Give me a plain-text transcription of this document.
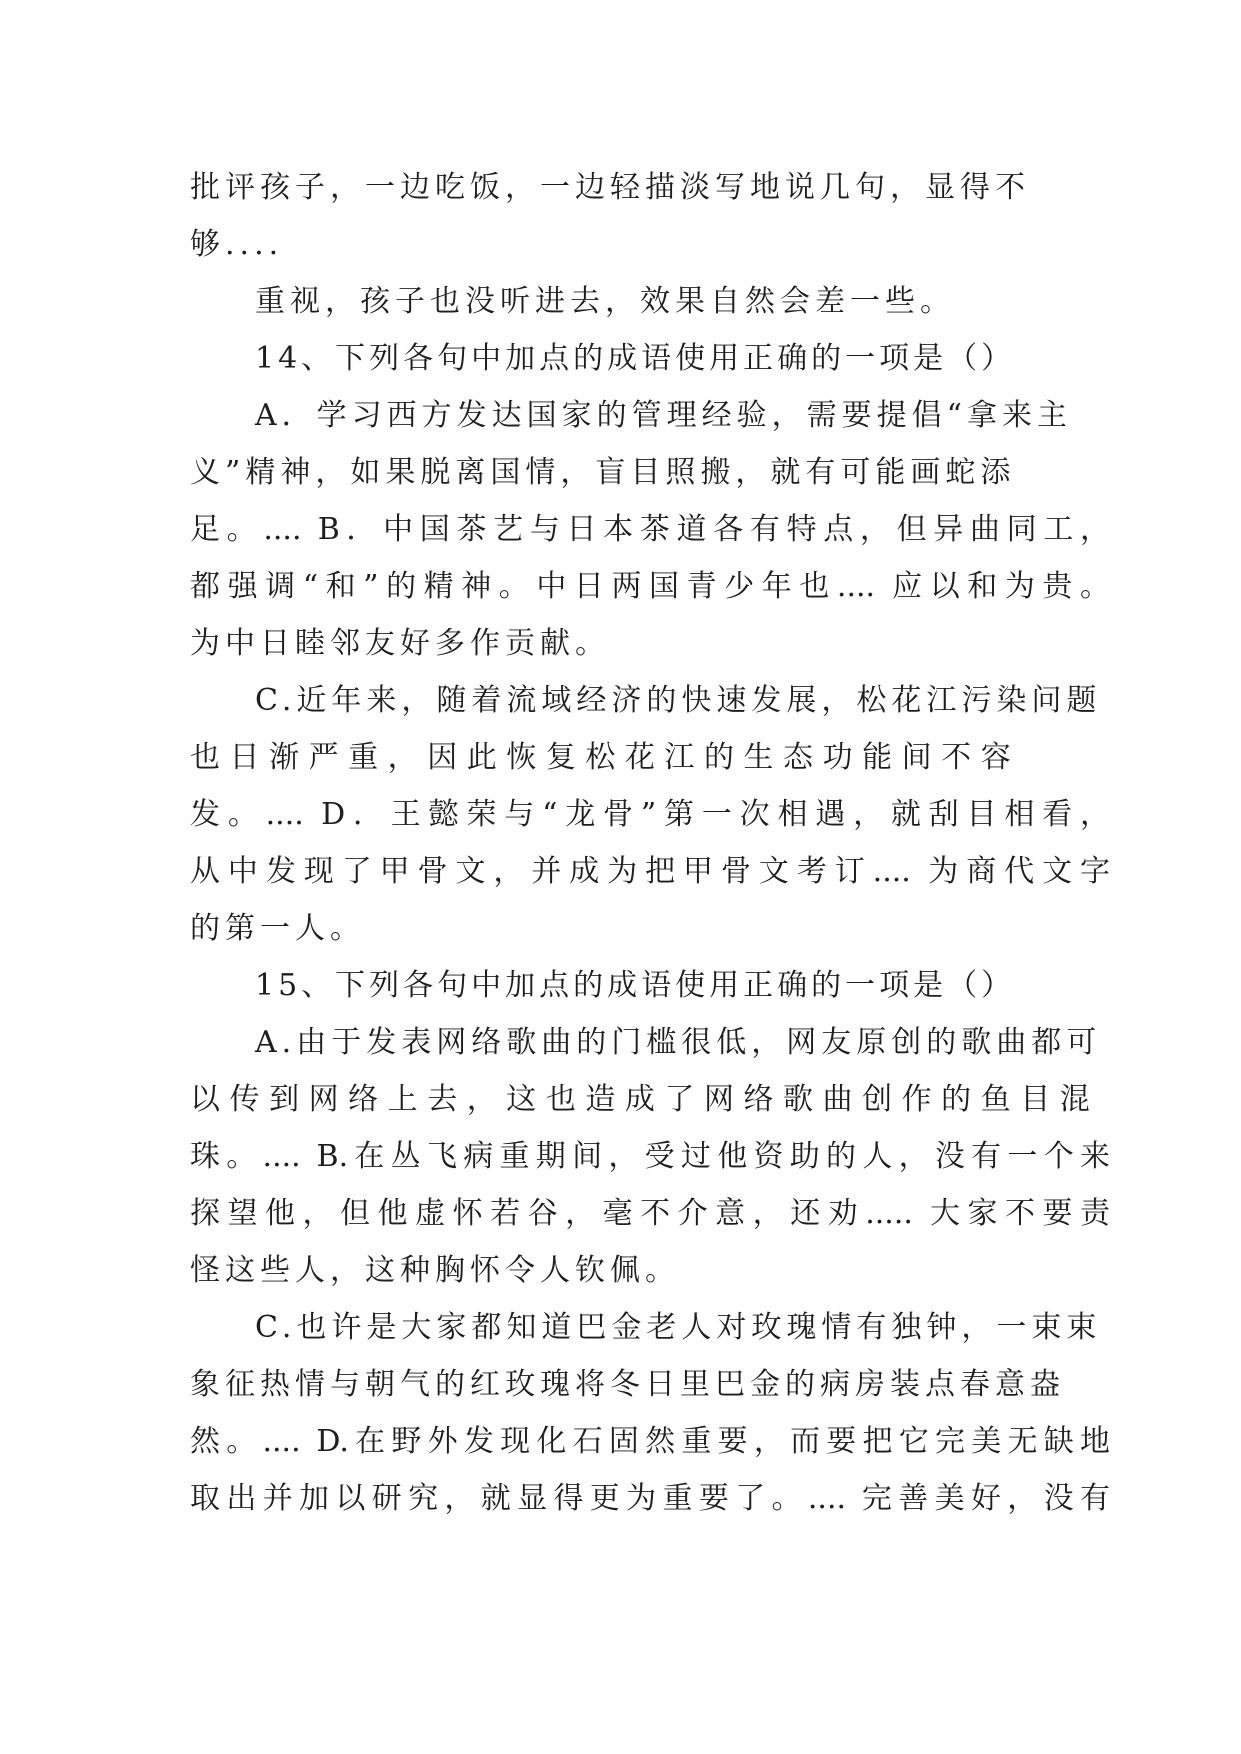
批评孩子，一边吃饭，一边轻描淡写地说几句，显得不
够....
重视，孩子也没听进去，效果自然会差一些。
14、下列各句中加点的成语使用正确的一项是（）
A．学习西方发达国家的管理经验，需要提倡“拿来主
义”精神，如果脱离国情，盲目照搬，就有可能画蛇添
足。.... B．中国茶艺与日本茶道各有特点，但异曲同工，
都强调“和”的精神。中日两国青少年也.... 应以和为贵。
为中日睦邻友好多作贡献。
C.近年来，随着流域经济的快速发展，松花江污染问题
也 日 渐 严 重 ， 因 此 恢 复 松 花 江 的 生 态 功 能 间 不 容
发。.... D．王懿荣与“龙骨”第一次相遇，就刮目相看，
从中发现了甲骨文，并成为把甲骨文考订.... 为商代文字
的第一人。
15、下列各句中加点的成语使用正确的一项是（）
A.由于发表网络歌曲的门槛很低，网友原创的歌曲都可
以 传 到 网 络 上 去 ， 这 也 造 成 了 网 络 歌 曲 创 作 的 鱼 目 混
珠。.... B.在丛飞病重期间，受过他资助的人，没有一个来
探望他，但他虚怀若谷，毫不介意，还劝..... 大家不要责
怪这些人，这种胸怀令人钦佩。
C.也许是大家都知道巴金老人对玫瑰情有独钟，一束束
象征热情与朝气的红玫瑰将冬日里巴金的病房装点春意盎
然。.... D.在野外发现化石固然重要，而要把它完美无缺地
取出并加以研究，就显得更为重要了。.... 完善美好，没有
